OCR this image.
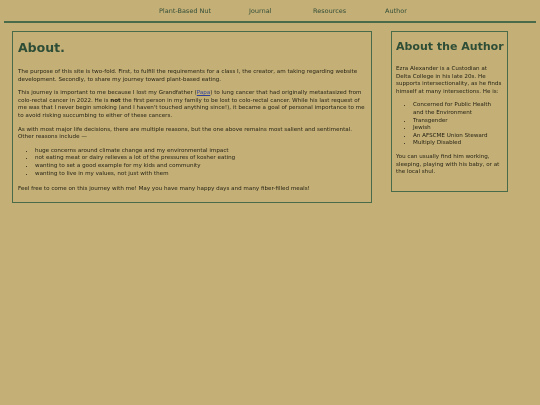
Plant-Based Nut	Journal	Resources	Author
About.

The purpose of this site is two-fold. First, to fulfill the requirements for a class I, the creator, am taking regarding website development. Secondly, to share my journey toward plant-based eating.

This journey is important to me because I lost my Grandfather (Papa) to lung cancer that had originally metastasized from colo-rectal cancer in 2022. He is not the first person in my family to be lost to colo-rectal cancer. While his last request of me was that I never begin smoking (and I haven't touched anything since!), it became a goal of personal importance to me to avoid risking succumbing to either of these cancers.

As with most major life decisions, there are multiple reasons, but the one above remains most salient and sentimental. Other reasons include —

• huge concerns around climate change and my environmental impact
• not eating meat or dairy relieves a lot of the pressures of kosher eating
• wanting to set a good example for my kids and community
• wanting to live in my values, not just with them

Feel free to come on this journey with me! May you have many happy days and many fiber-filled meals!

About the Author

Ezra Alexander is a Custodian at Delta College in his late 20s. He supports intersectionality, as he finds himself at many intersections. He is:

• Concerned for Public Health and the Environment
• Transgender
• Jewish
• An AFSCME Union Steward
• Multiply Disabled

You can usually find him working, sleeping, playing with his baby, or at the local shul.
